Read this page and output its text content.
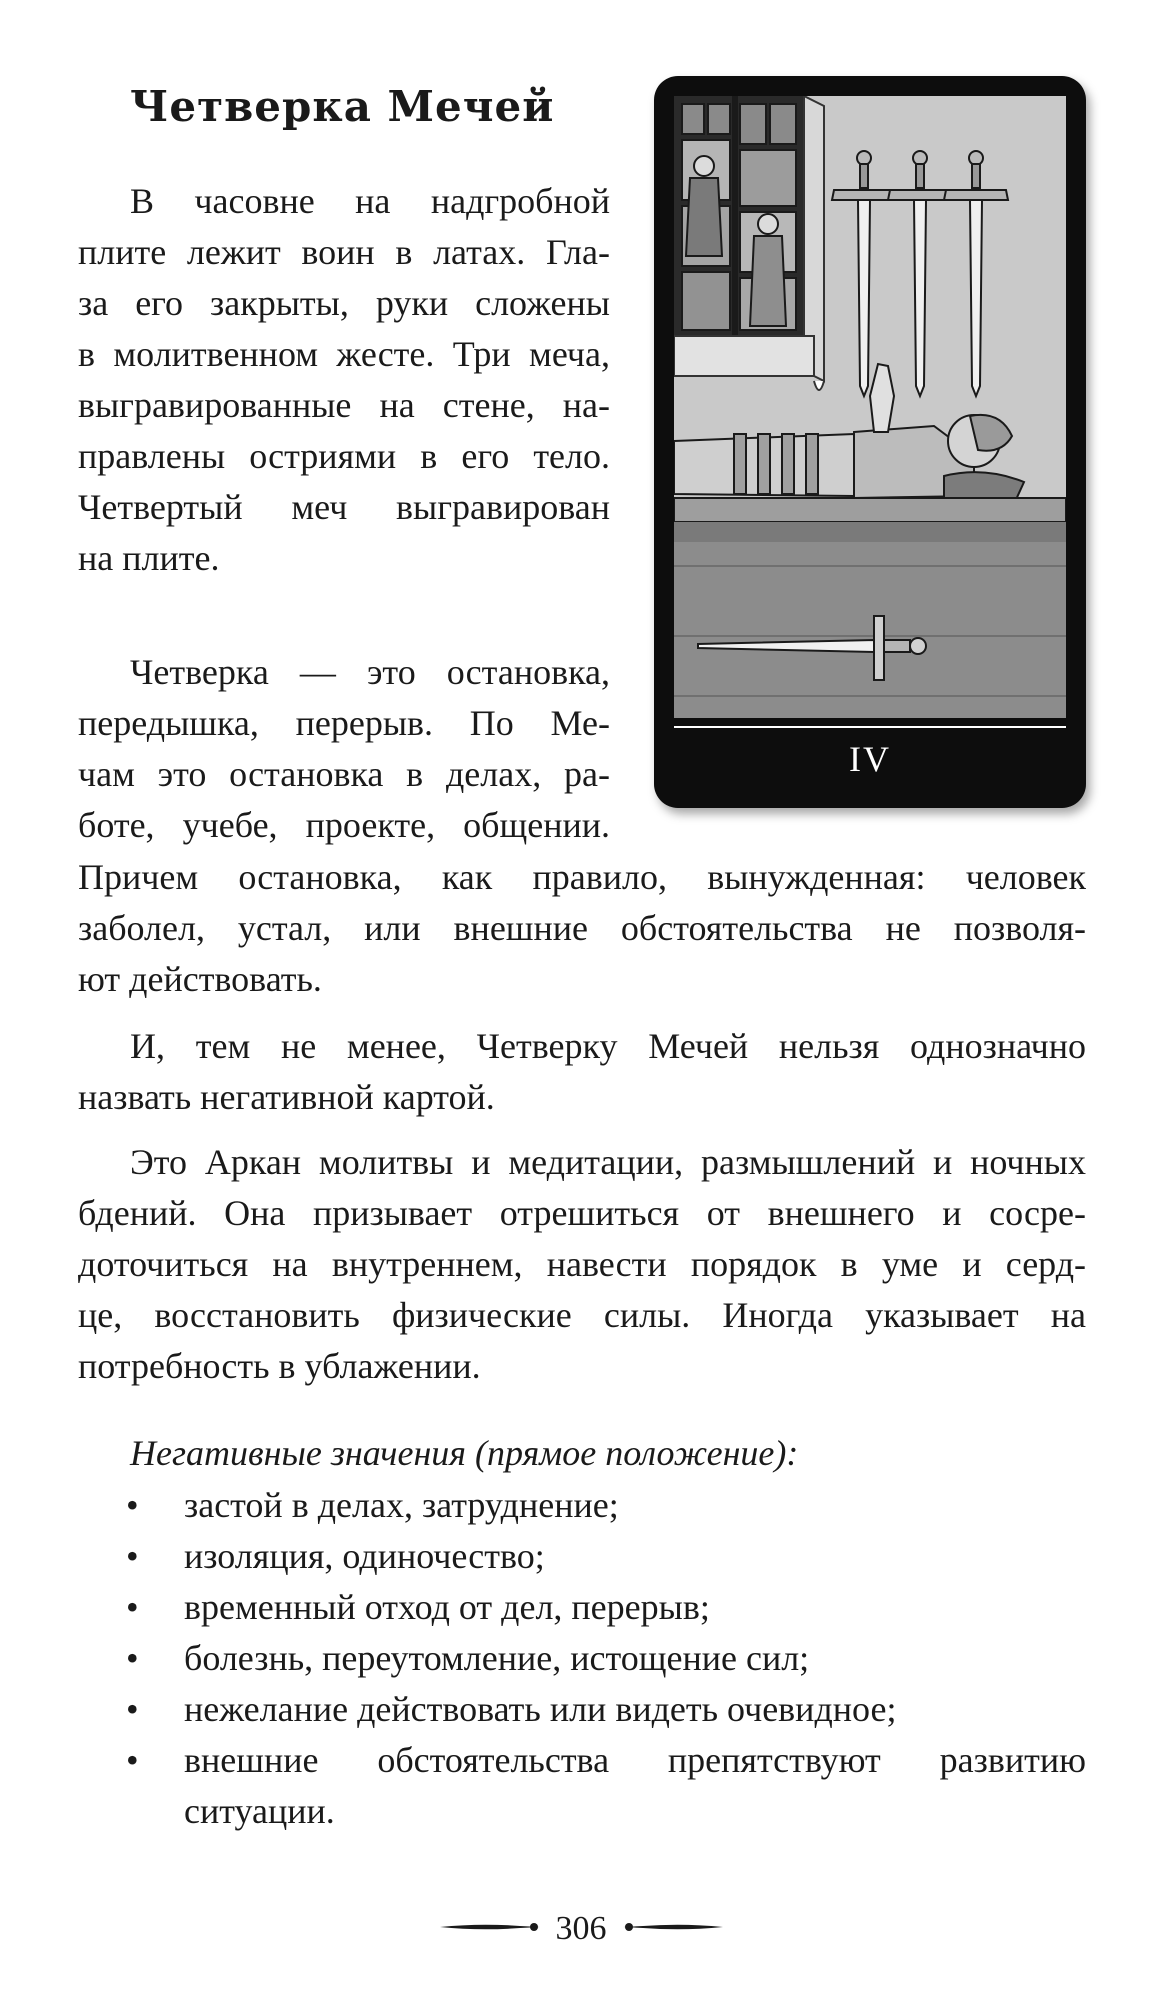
Четверка Мечей
В часовне на надгробной
плите лежит воин в латах. Гла-
за его закрыты, руки сложены
в молитвенном жесте. Три меча,
выгравированные на стене, на-
правлены остриями в его тело.
Четвертый меч выгравирован
на плите.
Четверка — это остановка,
передышка, перерыв. По Ме-
чам это остановка в делах, ра-
боте, учебе, проекте, общении.
Причем остановка, как правило, вынужденная: человек
заболел, устал, или внешние обстоятельства не позволя-
ют действовать.
И, тем не менее, Четверку Мечей нельзя однозначно
назвать негативной картой.
Это Аркан молитвы и медитации, размышлений и ночных
бдений. Она призывает отрешиться от внешнего и сосре-
доточиться на внутреннем, навести порядок в уме и серд-
це, восстановить физические силы. Иногда указывает на
потребность в ублажении.

Негативные значения (прямое положение):

• застой в делах, затруднение;
• изоляция, одиночество;
• временный отход от дел, перерыв;
• болезнь, переутомление, истощение сил;
• нежелание действовать или видеть очевидное;
• внешние обстоятельства препятствуют развитию
ситуации.
IV
306
